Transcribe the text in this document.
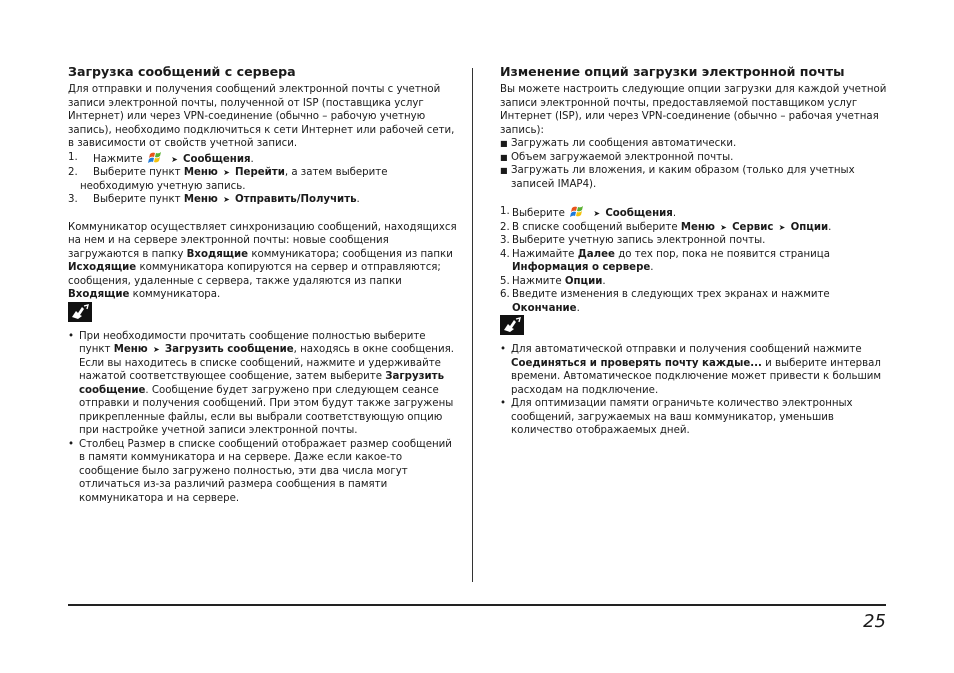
Загрузка сообщений с сервера

Для отправки и получения сообщений электронной почты с учетной записи электронной почты, полученной от ISP (поставщика услуг Интернет) или через VPN-соединение (обычно – рабочую учетную запись), необходимо подключиться к сети Интернет или рабочей сети, в зависимости от свойств учетной записи.

1.	Нажмите	➤ Сообщения.
2.	Выберите пункт Меню ➤ Перейти, а затем выберите необходимую учетную запись.
3.	Выберите пункт Меню ➤ Отправить/Получить.

Коммуникатор осуществляет синхронизацию сообщений, находящихся на нем и на сервере электронной почты: новые сообщения загружаются в папку Входящие коммуникатора; сообщения из папки Исходящие коммуникатора копируются на сервер и отправляются; сообщения, удаленные с сервера, также удаляются из папки Входящие коммуникатора.

• При необходимости прочитать сообщение полностью выберите пункт Меню ➤ Загрузить сообщение, находясь в окне сообщения. Если вы находитесь в списке сообщений, нажмите и удерживайте нажатой соответствующее сообщение, затем выберите Загрузить сообщение. Сообщение будет загружено при следующем сеансе отправки и получения сообщений. При этом будут также загружены прикрепленные файлы, если вы выбрали соответствующую опцию при настройке учетной записи электронной почты.
• Столбец Размер в списке сообщений отображает размер сообщений в памяти коммуникатора и на сервере. Даже если какое-то сообщение было загружено полностью, эти два числа могут отличаться из-за различий размера сообщения в памяти коммуникатора и на сервере.
Изменение опций загрузки электронной почты

Вы можете настроить следующие опции загрузки для каждой учетной записи электронной почты, предоставляемой поставщиком услуг Интернет (ISP), или через VPN-соединение (обычно – рабочая учетная запись):

■ Загружать ли сообщения автоматически.
■ Объем загружаемой электронной почты.
■ Загружать ли вложения, и каким образом (только для учетных записей IMAP4).
1. Выберите	➤ Сообщения.
2. В списке сообщений выберите Меню ➤ Сервис ➤ Опции.
3. Выберите учетную запись электронной почты.
4. Нажимайте Далее до тех пор, пока не появится страница Информация о сервере.
5. Нажмите Опции.
6. Введите изменения в следующих трех экранах и нажмите Окончание.
• Для автоматической отправки и получения сообщений нажмите Соединяться и проверять почту каждые... и выберите интервал времени. Автоматическое подключение может привести к большим расходам на подключение.
• Для оптимизации памяти ограничьте количество электронных сообщений, загружаемых на ваш коммуникатор, уменьшив количество отображаемых дней.
25
